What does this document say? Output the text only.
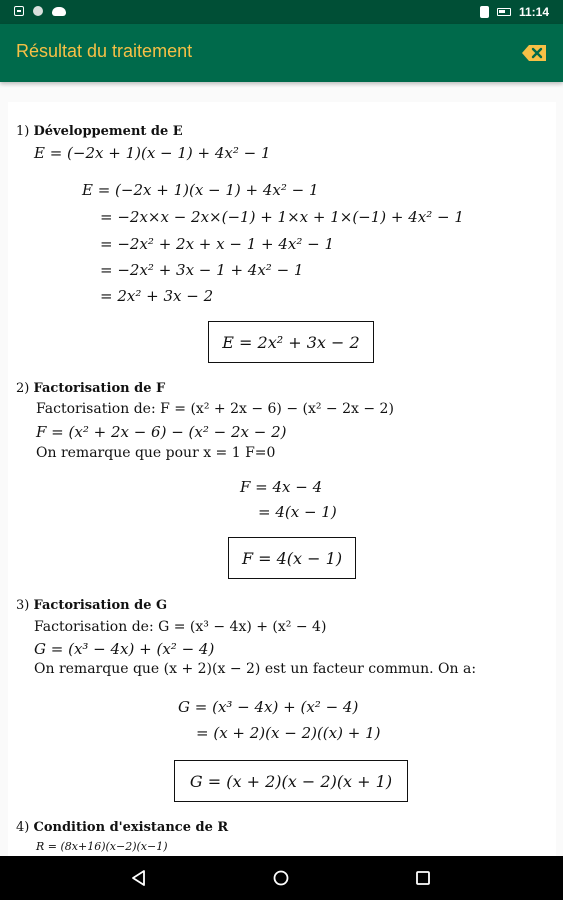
11:14
Résultat du traitement
1) Développement de E
E = (−2x + 1)(x − 1) + 4x² − 1
E = (−2x + 1)(x − 1) + 4x² − 1
= −2x×x − 2x×(−1) + 1×x + 1×(−1) + 4x² − 1
= −2x² + 2x + x − 1 + 4x² − 1
= −2x² + 3x − 1 + 4x² − 1
= 2x² + 3x − 2
E = 2x² + 3x − 2
2) Factorisation de F
Factorisation de: F = (x² + 2x − 6) − (x² − 2x − 2)
F = (x² + 2x − 6) − (x² − 2x − 2)
On remarque que pour x = 1 F=0
F = 4x − 4
= 4(x − 1)
F = 4(x − 1)
3) Factorisation de G
Factorisation de: G = (x³ − 4x) + (x² − 4)
G = (x³ − 4x) + (x² − 4)
On remarque que (x + 2)(x − 2) est un facteur commun. On a:
G = (x³ − 4x) + (x² − 4)
= (x + 2)(x − 2)((x) + 1)
G = (x + 2)(x − 2)(x + 1)
4) Condition d'existance de R
R = (8x+16)(x−2)(x−1)
